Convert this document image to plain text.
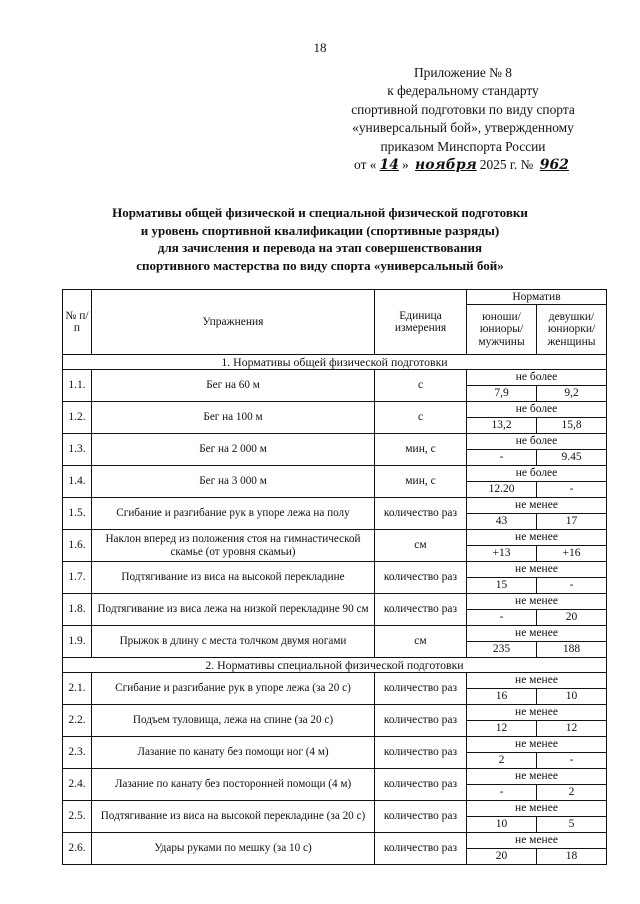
18
Приложение № 8
к федеральному стандарту
спортивной подготовки по виду спорта
«универсальный бой», утвержденному
приказом Минспорта России
от « 14 » ноября 2025 г. № 962
Нормативы общей физической и специальной физической подготовки
и уровень спортивной квалификации (спортивные разряды)
для зачисления и перевода на этап совершенствования
спортивного мастерства по виду спорта «универсальный бой»
№ п/п	Упражнения	Единица измерения	Норматив	
			юноши/ юниоры/ мужчины	девушки/ юниорки/ женщины
1. Нормативы общей физической подготовки				
1.1.	Бег на 60 м	с	не более	
			7,9	9,2
1.2.	Бег на 100 м	с	не более	
			13,2	15,8
1.3.	Бег на 2 000 м	мин, с	не более	
			-	9.45
1.4.	Бег на 3 000 м	мин, с	не более	
			12.20	-
1.5.	Сгибание и разгибание рук в упоре лежа на полу	количество раз	не менее	
			43	17
1.6.	Наклон вперед из положения стоя на гимнастической скамье (от уровня скамьи)	см	не менее	
			+13	+16
1.7.	Подтягивание из виса на высокой перекладине	количество раз	не менее	
			15	-
1.8.	Подтягивание из виса лежа на низкой перекладине 90 см	количество раз	не менее	
			-	20
1.9.	Прыжок в длину с места толчком двумя ногами	см	не менее	
			235	188
2. Нормативы специальной физической подготовки				
2.1.	Сгибание и разгибание рук в упоре лежа (за 20 с)	количество раз	не менее	
			16	10
2.2.	Подъем туловища, лежа на спине (за 20 с)	количество раз	не менее	
			12	12
2.3.	Лазание по канату без помощи ног (4 м)	количество раз	не менее	
			2	-
2.4.	Лазание по канату без посторонней помощи (4 м)	количество раз	не менее	
			-	2
2.5.	Подтягивание из виса на высокой перекладине (за 20 с)	количество раз	не менее	
			10	5
2.6.	Удары руками по мешку (за 10 с)	количество раз	не менее	
			20	18
